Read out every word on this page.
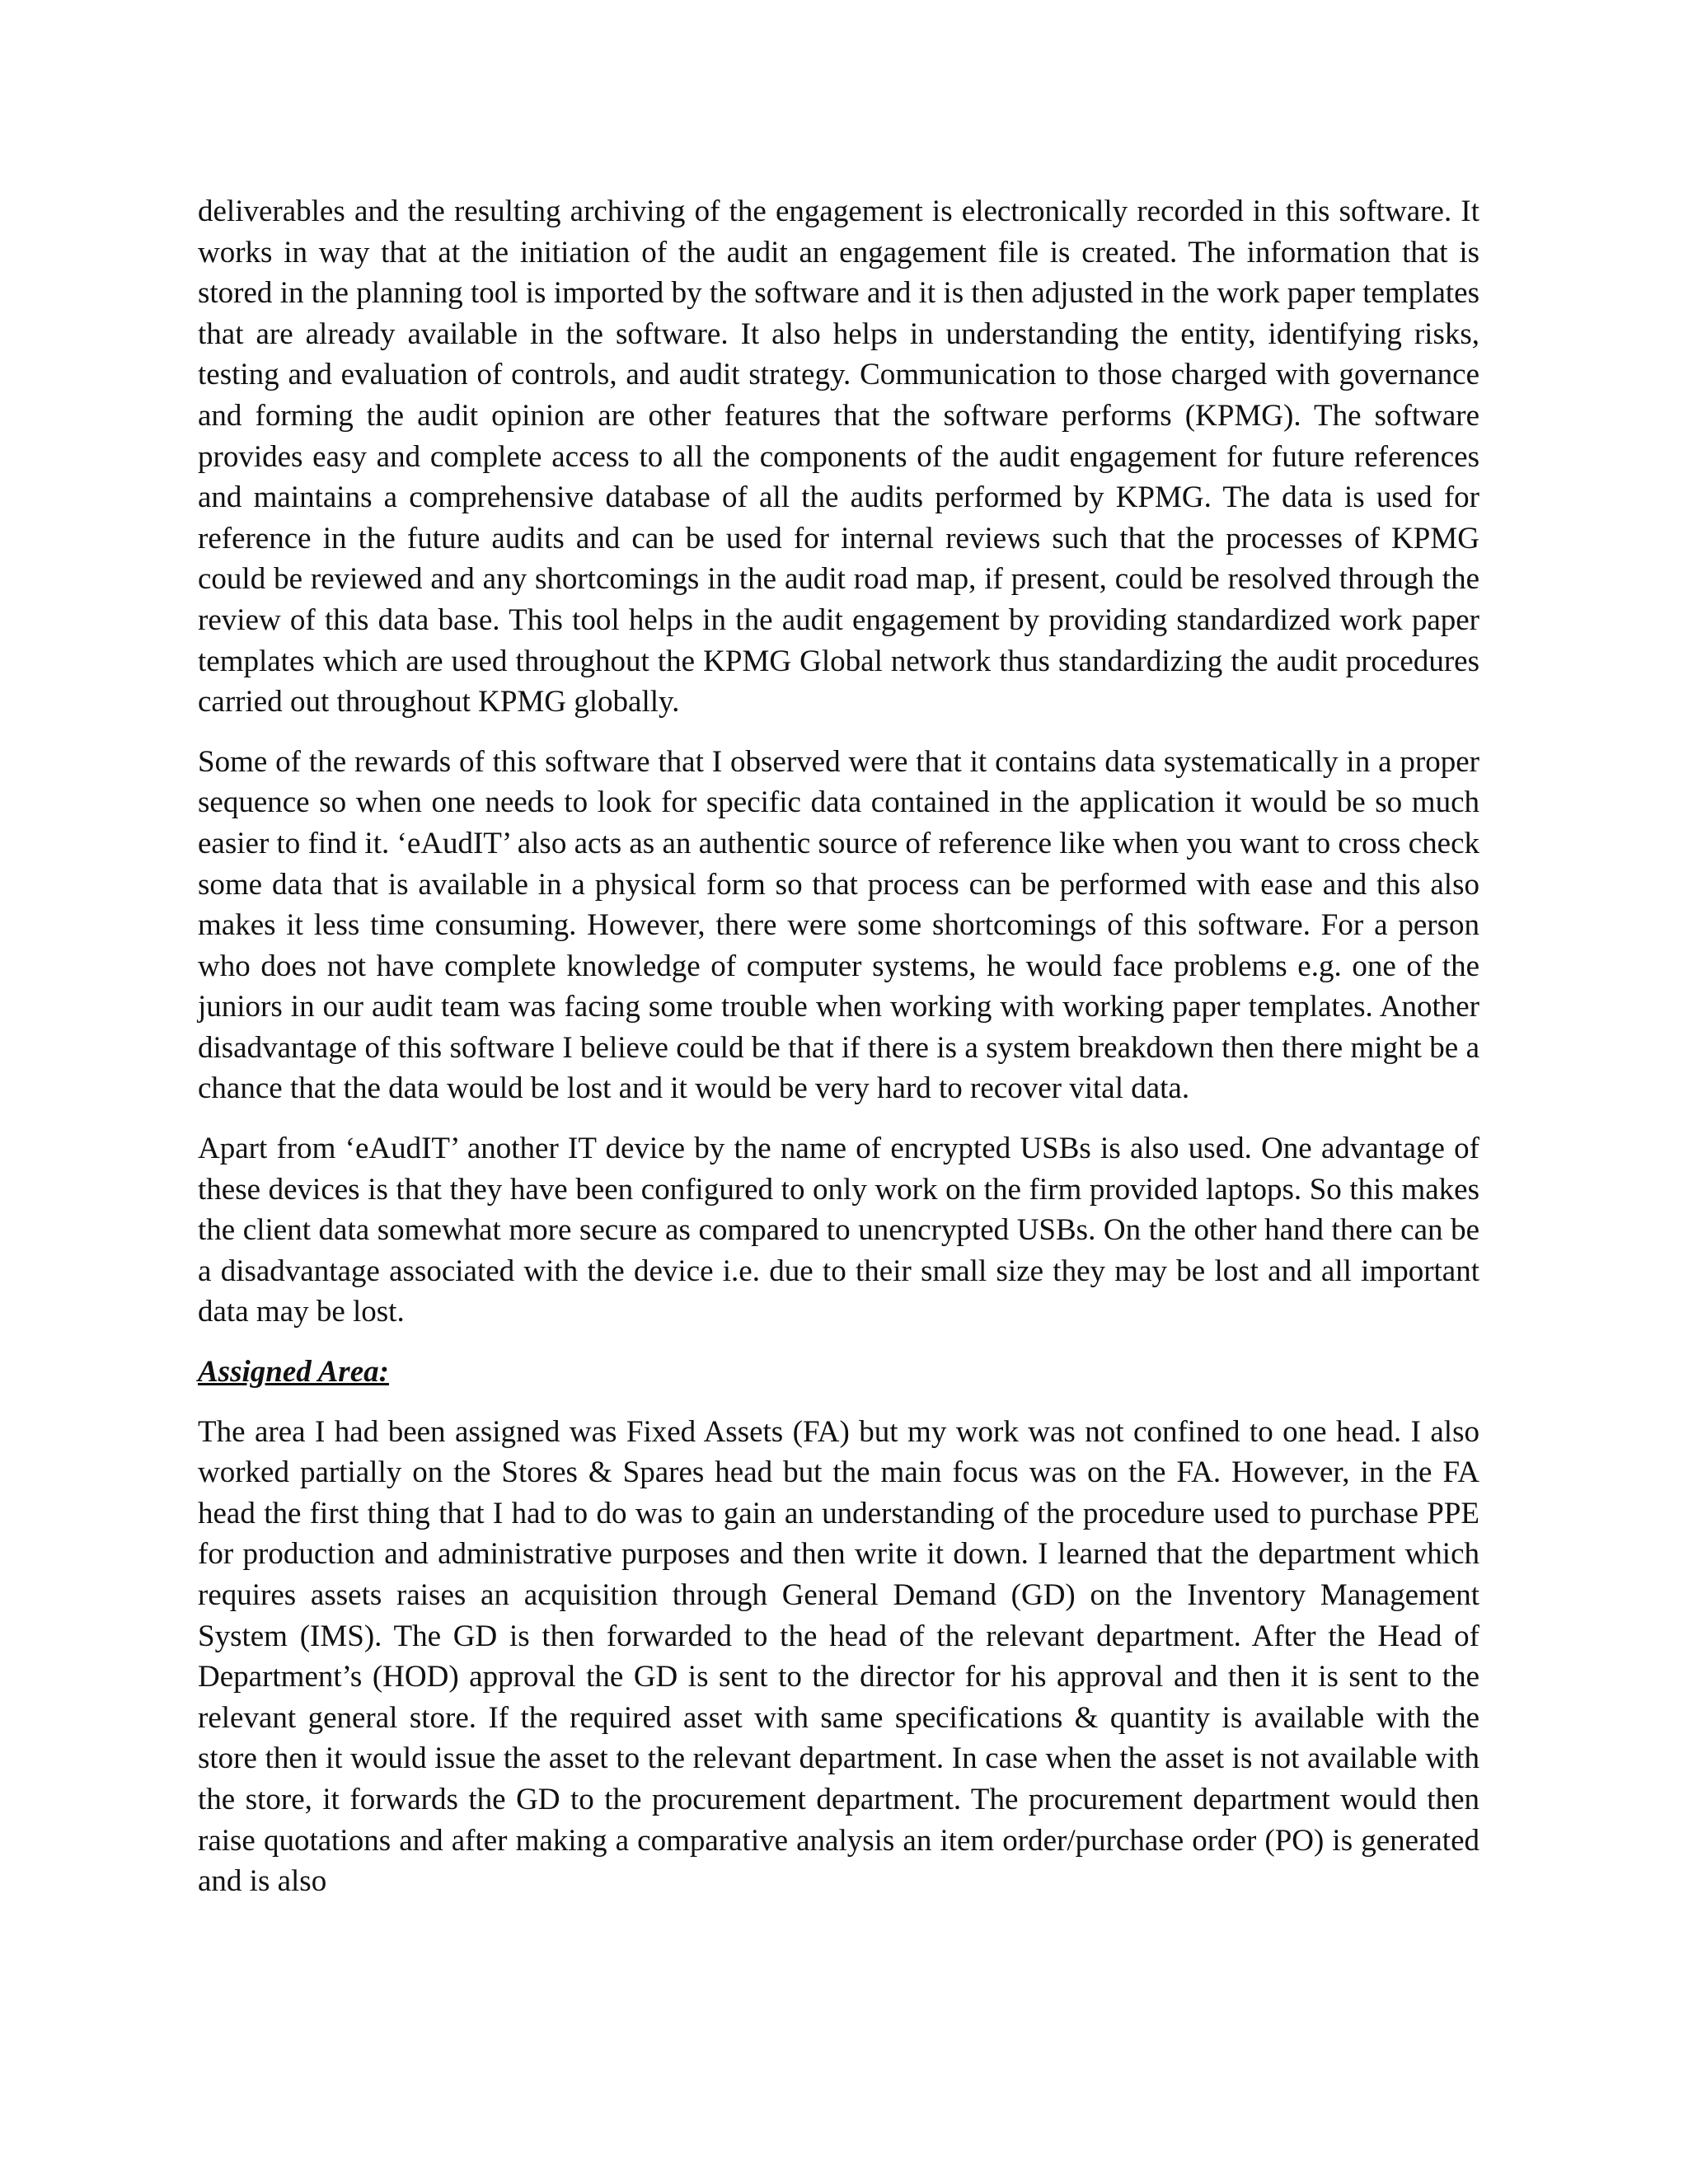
deliverables and the resulting archiving of the engagement is electronically recorded in this software. It works in way that at the initiation of the audit an engagement file is created. The information that is stored in the planning tool is imported by the software and it is then adjusted in the work paper templates that are already available in the software. It also helps in understanding the entity, identifying risks, testing and evaluation of controls, and audit strategy. Communication to those charged with governance and forming the audit opinion are other features that the software performs (KPMG). The software provides easy and complete access to all the components of the audit engagement for future references and maintains a comprehensive database of all the audits performed by KPMG. The data is used for reference in the future audits and can be used for internal reviews such that the processes of KPMG could be reviewed and any shortcomings in the audit road map, if present, could be resolved through the review of this data base. This tool helps in the audit engagement by providing standardized work paper templates which are used throughout the KPMG Global network thus standardizing the audit procedures carried out throughout KPMG globally.

Some of the rewards of this software that I observed were that it contains data systematically in a proper sequence so when one needs to look for specific data contained in the application it would be so much easier to find it. ‘eAudIT’ also acts as an authentic source of reference like when you want to cross check some data that is available in a physical form so that process can be performed with ease and this also makes it less time consuming. However, there were some shortcomings of this software. For a person who does not have complete knowledge of computer systems, he would face problems e.g. one of the juniors in our audit team was facing some trouble when working with working paper templates. Another disadvantage of this software I believe could be that if there is a system breakdown then there might be a chance that the data would be lost and it would be very hard to recover vital data.

Apart from ‘eAudIT’ another IT device by the name of encrypted USBs is also used. One advantage of these devices is that they have been configured to only work on the firm provided laptops. So this makes the client data somewhat more secure as compared to unencrypted USBs. On the other hand there can be a disadvantage associated with the device i.e. due to their small size they may be lost and all important data may be lost.

Assigned Area:

The area I had been assigned was Fixed Assets (FA) but my work was not confined to one head. I also worked partially on the Stores & Spares head but the main focus was on the FA. However, in the FA head the first thing that I had to do was to gain an understanding of the procedure used to purchase PPE for production and administrative purposes and then write it down. I learned that the department which requires assets raises an acquisition through General Demand (GD) on the Inventory Management System (IMS). The GD is then forwarded to the head of the relevant department. After the Head of Department’s (HOD) approval the GD is sent to the director for his approval and then it is sent to the relevant general store. If the required asset with same specifications & quantity is available with the store then it would issue the asset to the relevant department. In case when the asset is not available with the store, it forwards the GD to the procurement department. The procurement department would then raise quotations and after making a comparative analysis an item order/purchase order (PO) is generated and is also
